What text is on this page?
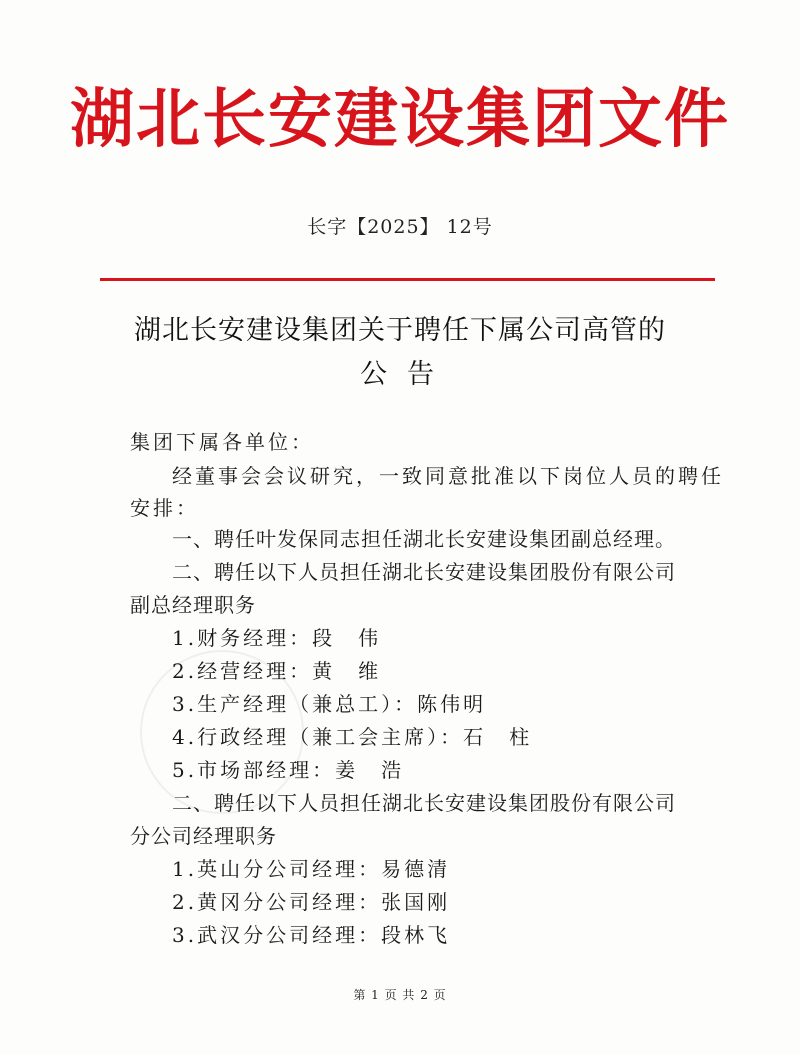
湖北长安建设集团文件
长字【2025】 12号
湖北长安建设集团关于聘任下属公司高管的
公告
集团下属各单位：
经董事会会议研究，一致同意批准以下岗位人员的聘任
安排：
一、聘任叶发保同志担任湖北长安建设集团副总经理。
二、聘任以下人员担任湖北长安建设集团股份有限公司
副总经理职务
1.财务经理：段　伟
2.经营经理：黄　维
3.生产经理（兼总工）：陈伟明
4.行政经理（兼工会主席）：石　柱
5.市场部经理：姜　浩
二、聘任以下人员担任湖北长安建设集团股份有限公司
分公司经理职务
1.英山分公司经理：易德清
2.黄冈分公司经理：张国刚
3.武汉分公司经理：段林飞
第 1 页 共 2 页
